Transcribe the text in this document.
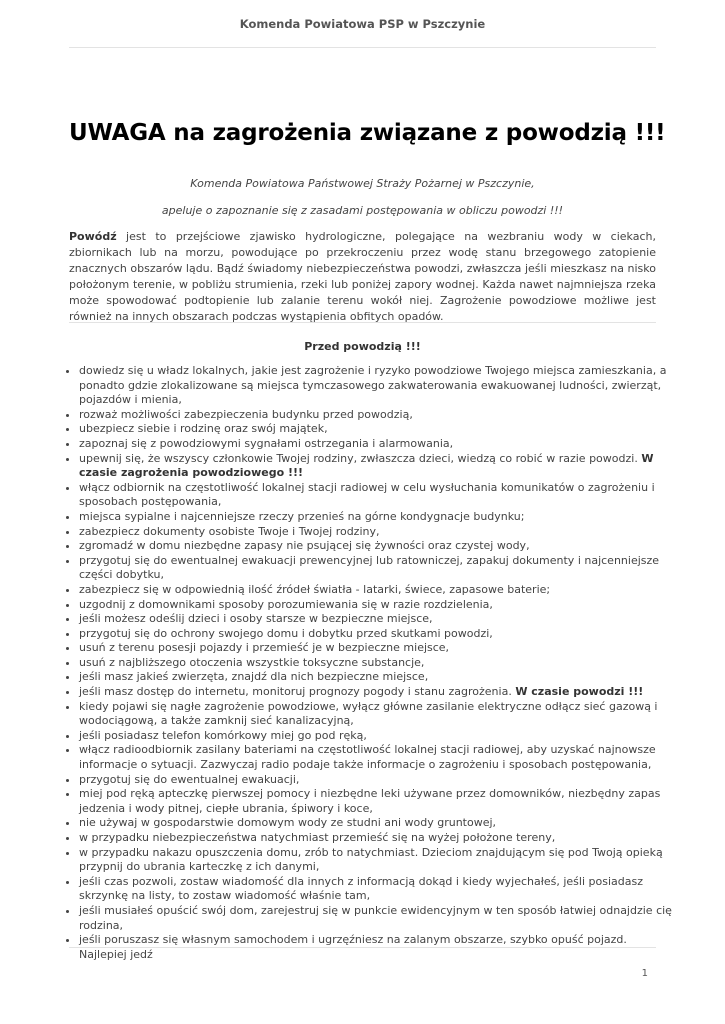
Komenda Powiatowa PSP w Pszczynie
UWAGA na zagrożenia związane z powodzią !!!
Komenda Powiatowa Państwowej Straży Pożarnej w Pszczynie,
apeluje o zapoznanie się z zasadami postępowania w obliczu powodzi !!!

Powódź jest to przejściowe zjawisko hydrologiczne, polegające na wezbraniu wody w ciekach, zbiornikach lub na morzu, powodujące po przekroczeniu przez wodę stanu brzegowego zatopienie znacznych obszarów lądu. Bądź świadomy niebezpieczeństwa powodzi, zwłaszcza jeśli mieszkasz na nisko położonym terenie, w pobliżu strumienia, rzeki lub poniżej zapory wodnej. Każda nawet najmniejsza rzeka może spowodować podtopienie lub zalanie terenu wokół niej. Zagrożenie powodziowe możliwe jest również na innych obszarach podczas wystąpienia obfitych opadów.

Przed powodzią !!!
• dowiedz się u władz lokalnych, jakie jest zagrożenie i ryzyko powodziowe Twojego miejsca zamieszkania, a ponadto gdzie zlokalizowane są miejsca tymczasowego zakwaterowania ewakuowanej ludności, zwierząt, pojazdów i mienia,
• rozważ możliwości zabezpieczenia budynku przed powodzią,
• ubezpiecz siebie i rodzinę oraz swój majątek,
• zapoznaj się z powodziowymi sygnałami ostrzegania i alarmowania,
• upewnij się, że wszyscy członkowie Twojej rodziny, zwłaszcza dzieci, wiedzą co robić w razie powodzi. W czasie zagrożenia powodziowego !!!
• włącz odbiornik na częstotliwość lokalnej stacji radiowej w celu wysłuchania komunikatów o zagrożeniu i sposobach postępowania,
• miejsca sypialne i najcenniejsze rzeczy przenieś na górne kondygnacje budynku;
• zabezpiecz dokumenty osobiste Twoje i Twojej rodziny,
• zgromadź w domu niezbędne zapasy nie psującej się żywności oraz czystej wody,
• przygotuj się do ewentualnej ewakuacji prewencyjnej lub ratowniczej, zapakuj dokumenty i najcenniejsze części dobytku,
• zabezpiecz się w odpowiednią ilość źródeł światła - latarki, świece, zapasowe baterie;
• uzgodnij z domownikami sposoby porozumiewania się w razie rozdzielenia,
• jeśli możesz odeślij dzieci i osoby starsze w bezpieczne miejsce,
• przygotuj się do ochrony swojego domu i dobytku przed skutkami powodzi,
• usuń z terenu posesji pojazdy i przemieść je w bezpieczne miejsce,
• usuń z najbliższego otoczenia wszystkie toksyczne substancje,
• jeśli masz jakieś zwierzęta, znajdź dla nich bezpieczne miejsce,
• jeśli masz dostęp do internetu, monitoruj prognozy pogody i stanu zagrożenia. W czasie powodzi !!!
• kiedy pojawi się nagłe zagrożenie powodziowe, wyłącz główne zasilanie elektryczne odłącz sieć gazową i wodociągową, a także zamknij sieć kanalizacyjną,
• jeśli posiadasz telefon komórkowy miej go pod ręką,
• włącz radioodbiornik zasilany bateriami na częstotliwość lokalnej stacji radiowej, aby uzyskać najnowsze informacje o sytuacji. Zazwyczaj radio podaje także informacje o zagrożeniu i sposobach postępowania,
• przygotuj się do ewentualnej ewakuacji,
• miej pod ręką apteczkę pierwszej pomocy i niezbędne leki używane przez domowników, niezbędny zapas jedzenia i wody pitnej, ciepłe ubrania, śpiwory i koce,
• nie używaj w gospodarstwie domowym wody ze studni ani wody gruntowej,
• w przypadku niebezpieczeństwa natychmiast przemieść się na wyżej położone tereny,
• w przypadku nakazu opuszczenia domu, zrób to natychmiast. Dzieciom znajdującym się pod Twoją opieką przypnij do ubrania karteczkę z ich danymi,
• jeśli czas pozwoli, zostaw wiadomość dla innych z informacją dokąd i kiedy wyjechałeś, jeśli posiadasz skrzynkę na listy, to zostaw wiadomość właśnie tam,
• jeśli musiałeś opuścić swój dom, zarejestruj się w punkcie ewidencyjnym w ten sposób łatwiej odnajdzie cię rodzina,
• jeśli poruszasz się własnym samochodem i ugrzęźniesz na zalanym obszarze, szybko opuść pojazd. Najlepiej jedź
1
